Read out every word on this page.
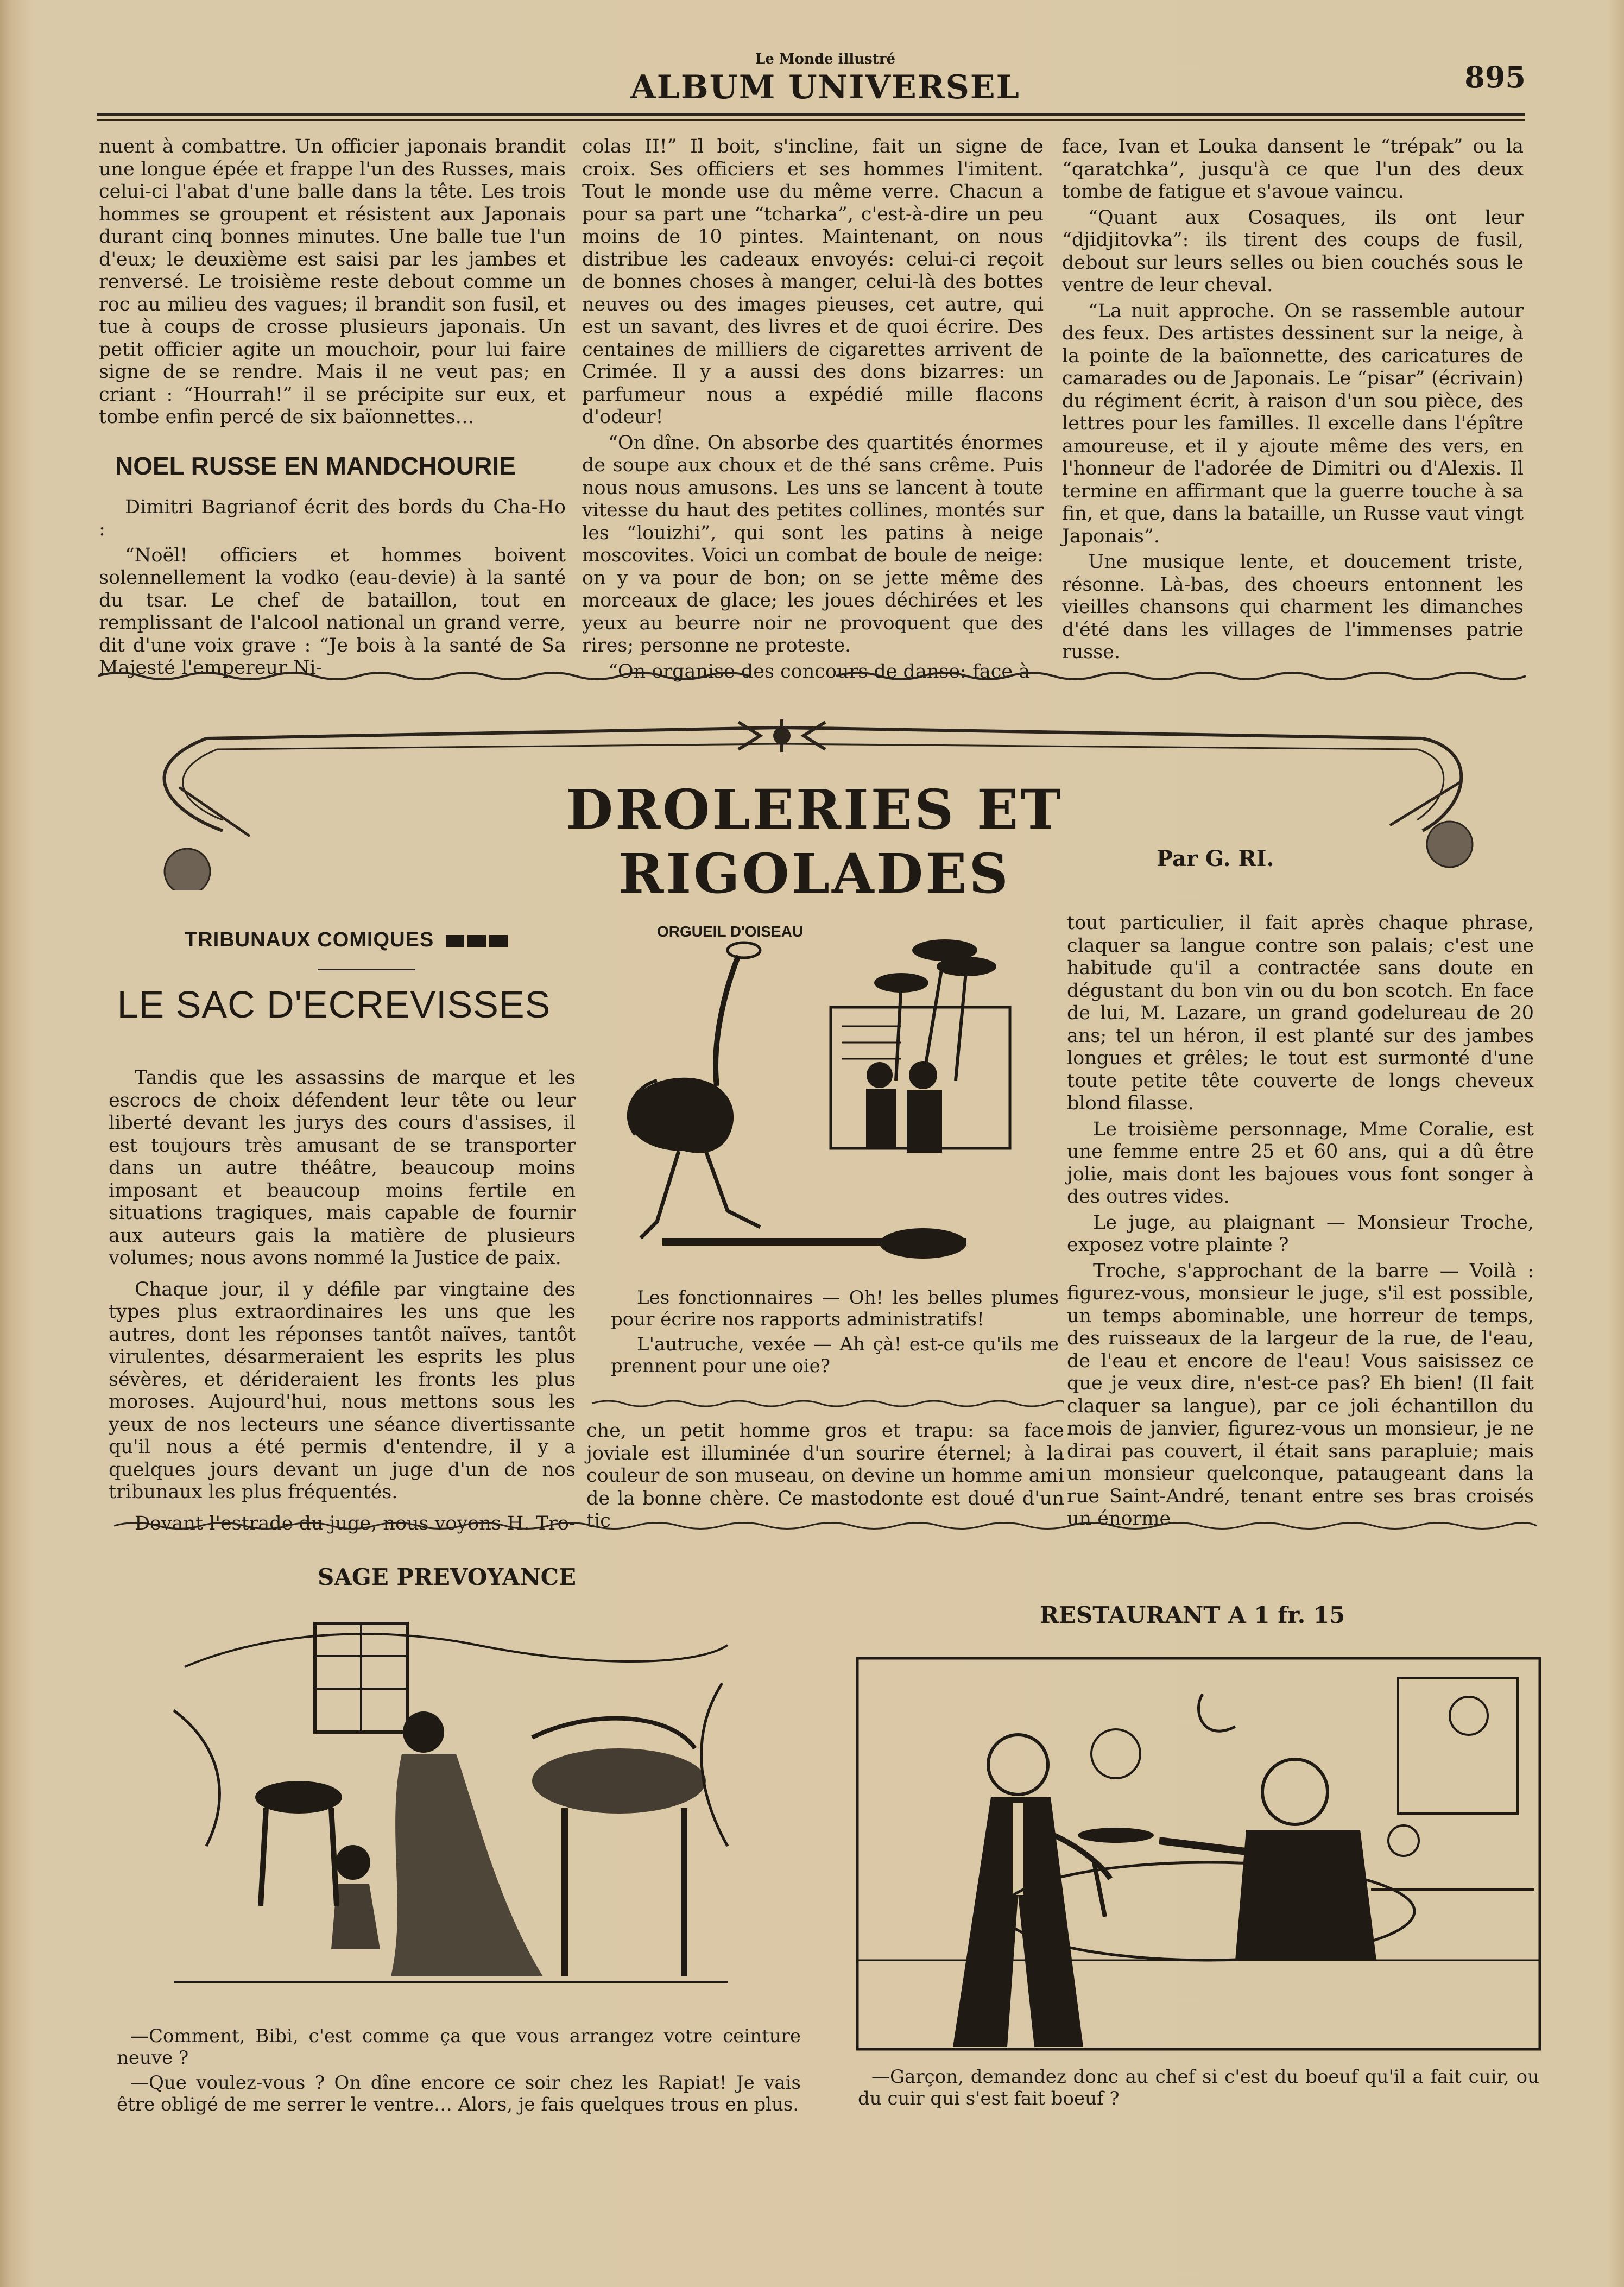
Le Monde illustré
ALBUM UNIVERSEL	895

nuent à combattre. Un officier japonais brandit une longue épée et frappe l'un des Russes, mais celui-ci l'abat d'une balle dans la tête. Les trois hommes se groupent et résistent aux Japonais durant cinq bonnes minutes. Une balle tue l'un d'eux; le deuxième est saisi par les jambes et renversé. Le troisième reste debout comme un roc au milieu des vagues; il brandit son fusil, et tue à coups de crosse plusieurs japonais. Un petit officier agite un mouchoir, pour lui faire signe de se rendre. Mais il ne veut pas; en criant : “Hourrah!” il se précipite sur eux, et tombe enfin percé de six baïonnettes…

NOEL RUSSE EN MANDCHOURIE

Dimitri Bagrianof écrit des bords du Cha-Ho :

“Noël! officiers et hommes boivent solennellement la vodko (eau-devie) à la santé du tsar. Le chef de bataillon, tout en remplissant de l'alcool national un grand verre, dit d'une voix grave : “Je bois à la santé de Sa Majesté l'empereur Ni-

colas II!” Il boit, s'incline, fait un signe de croix. Ses officiers et ses hommes l'imitent. Tout le monde use du même verre. Chacun a pour sa part une “tcharka”, c'est-à-dire un peu moins de 10 pintes. Maintenant, on nous distribue les cadeaux envoyés: celui-ci reçoit de bonnes choses à manger, celui-là des bottes neuves ou des images pieuses, cet autre, qui est un savant, des livres et de quoi écrire. Des centaines de milliers de cigarettes arrivent de Crimée. Il y a aussi des dons bizarres: un parfumeur nous a expédié mille flacons d'odeur!

“On dîne. On absorbe des quartités énormes de soupe aux choux et de thé sans crême. Puis nous nous amusons. Les uns se lancent à toute vitesse du haut des petites collines, montés sur les “louizhi”, qui sont les patins à neige moscovites. Voici un combat de boule de neige: on y va pour de bon; on se jette même des morceaux de glace; les joues déchirées et les yeux au beurre noir ne provoquent que des rires; personne ne proteste.

“On organise des concours de danse: face à

face, Ivan et Louka dansent le “trépak” ou la “qaratchka”, jusqu'à ce que l'un des deux tombe de fatigue et s'avoue vaincu.

“Quant aux Cosaques, ils ont leur “djidjitovka”: ils tirent des coups de fusil, debout sur leurs selles ou bien couchés sous le ventre de leur cheval.

“La nuit approche. On se rassemble autour des feux. Des artistes dessinent sur la neige, à la pointe de la baïonnette, des caricatures de camarades ou de Japonais. Le “pisar” (écrivain) du régiment écrit, à raison d'un sou pièce, des lettres pour les familles. Il excelle dans l'épître amoureuse, et il y ajoute même des vers, en l'honneur de l'adorée de Dimitri ou d'Alexis. Il termine en affirmant que la guerre touche à sa fin, et que, dans la bataille, un Russe vaut vingt Japonais”.

Une musique lente, et doucement triste, résonne. Là-bas, des choeurs entonnent les vieilles chansons qui charment les dimanches d'été dans les villages de l'immenses patrie russe.

DROLERIES ET RIGOLADES	Par G. RI.
TRIBUNAUX COMIQUES
LE SAC D'ECREVISSES

Tandis que les assassins de marque et les escrocs de choix défendent leur tête ou leur liberté devant les jurys des cours d'assises, il est toujours très amusant de se transporter dans un autre théâtre, beaucoup moins imposant et beaucoup moins fertile en situations tragiques, mais capable de fournir aux auteurs gais la matière de plusieurs volumes; nous avons nommé la Justice de paix.

Chaque jour, il y défile par vingtaine des types plus extraordinaires les uns que les autres, dont les réponses tantôt naïves, tantôt virulentes, désarmeraient les esprits les plus sévères, et dérideraient les fronts les plus moroses. Aujourd'hui, nous mettons sous les yeux de nos lecteurs une séance divertissante qu'il nous a été permis d'entendre, il y a quelques jours devant un juge d'un de nos tribunaux les plus fréquentés.

Devant l'estrade du juge, nous voyons H. Tro-

ORGUEIL D'OISEAU

Les fonctionnaires — Oh! les belles plumes pour écrire nos rapports administratifs!

L'autruche, vexée — Ah çà! est-ce qu'ils me prennent pour une oie?

che, un petit homme gros et trapu: sa face joviale est illuminée d'un sourire éternel; à la couleur de son museau, on devine un homme ami de la bonne chère. Ce mastodonte est doué d'un tic

tout particulier, il fait après chaque phrase, claquer sa langue contre son palais; c'est une habitude qu'il a contractée sans doute en dégustant du bon vin ou du bon scotch. En face de lui, M. Lazare, un grand godelureau de 20 ans; tel un héron, il est planté sur des jambes longues et grêles; le tout est surmonté d'une toute petite tête couverte de longs cheveux blond filasse.

Le troisième personnage, Mme Coralie, est une femme entre 25 et 60 ans, qui a dû être jolie, mais dont les bajoues vous font songer à des outres vides.

Le juge, au plaignant — Monsieur Troche, exposez votre plainte ?

Troche, s'approchant de la barre — Voilà : figurez-vous, monsieur le juge, s'il est possible, un temps abominable, une horreur de temps, des ruisseaux de la largeur de la rue, de l'eau, de l'eau et encore de l'eau! Vous saisissez ce que je veux dire, n'est-ce pas? Eh bien! (Il fait claquer sa langue), par ce joli échantillon du mois de janvier, figurez-vous un monsieur, je ne dirai pas couvert, il était sans parapluie; mais un monsieur quelconque, pataugeant dans la rue Saint-André, tenant entre ses bras croisés un énorme

SAGE PREVOYANCE

—Comment, Bibi, c'est comme ça que vous arrangez votre ceinture neuve ?

—Que voulez-vous ? On dîne encore ce soir chez les Rapiat! Je vais être obligé de me serrer le ventre… Alors, je fais quelques trous en plus.

RESTAURANT A 1 fr. 15

—Garçon, demandez donc au chef si c'est du boeuf qu'il a fait cuir, ou du cuir qui s'est fait boeuf ?
